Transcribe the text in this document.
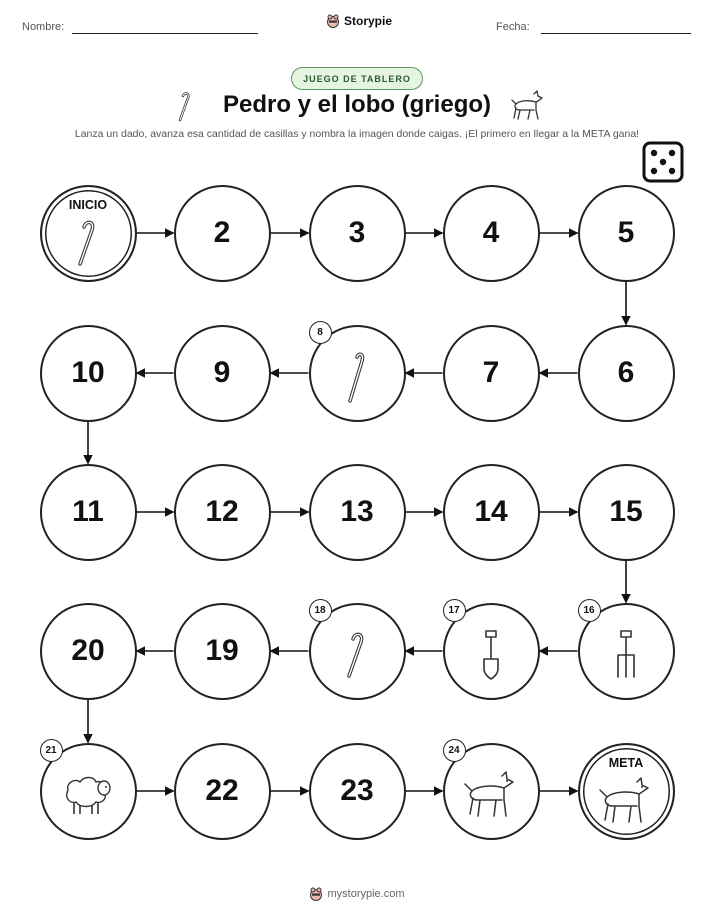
Nombre:	Storypie	Fecha:
JUEGO DE TABLERO
Pedro y el lobo (griego)
Lanza un dado, avanza esa cantidad de casillas y nombra la imagen donde caigas. ¡El primero en llegar a la META gana!
INICIO
2	3	4	5
6
7
8
9
10
11	12	13	14	15
16
17
18
19
20
21
22	23
24
META
mystorypie.com
